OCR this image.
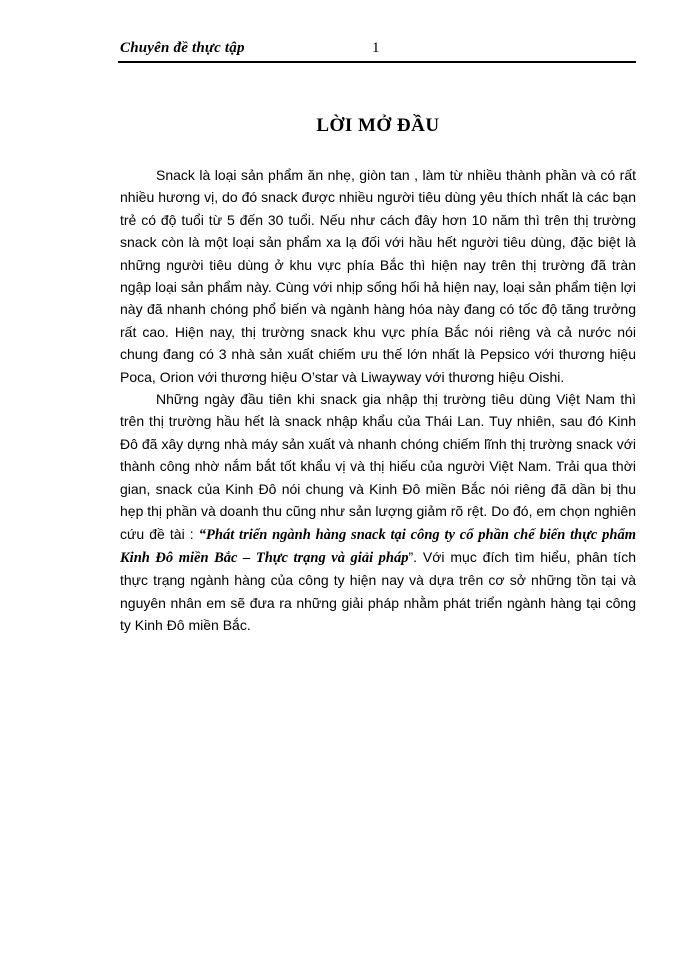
Chuyên đề thực tập	1
LỜI MỞ ĐẦU

Snack là loại sản phẩm ăn nhẹ, giòn tan , làm từ nhiều thành phần và có rất nhiều hương vị, do đó snack được nhiều người tiêu dùng yêu thích nhất là các bạn trẻ có độ tuổi từ 5 đến 30 tuổi. Nếu như cách đây hơn 10 năm thì trên thị trường snack còn là một loại sản phẩm xa lạ đối với hầu hết người tiêu dùng, đặc biệt là những người tiêu dùng ở khu vực phía Bắc thì hiện nay trên thị trường đã tràn ngập loại sản phẩm này. Cùng với nhịp sống hối hả hiện nay, loại sản phẩm tiện lợi này đã nhanh chóng phổ biến và ngành hàng hóa này đang có tốc độ tăng trưởng rất cao. Hiện nay, thị trường snack khu vực phía Bắc nói riêng và cả nước nói chung đang có 3 nhà sản xuất chiếm ưu thế lớn nhất là Pepsico với thương hiệu Poca, Orion với thương hiệu O’star và Liwayway với thương hiệu Oishi.

Những ngày đầu tiên khi snack gia nhập thị trường tiêu dùng Việt Nam thì trên thị trường hầu hết là snack nhập khẩu của Thái Lan. Tuy nhiên, sau đó Kinh Đô đã xây dựng nhà máy sản xuất và nhanh chóng chiếm lĩnh thị trường snack với thành công nhờ nắm bắt tốt khẩu vị và thị hiếu của người Việt Nam. Trải qua thời gian, snack của Kinh Đô nói chung và Kinh Đô miền Bắc nói riêng đã dần bị thu hẹp thị phần và doanh thu cũng như sản lượng giảm rõ rệt. Do đó, em chọn nghiên cứu đề tài : “Phát triển ngành hàng snack tại công ty cổ phần chế biến thực phẩm Kinh Đô miền Bắc – Thực trạng và giải pháp”. Với mục đích tìm hiểu, phân tích thực trạng ngành hàng của công ty hiện nay và dựa trên cơ sở những tồn tại và nguyên nhân em sẽ đưa ra những giải pháp nhằm phát triển ngành hàng tại công ty Kinh Đô miền Bắc.
